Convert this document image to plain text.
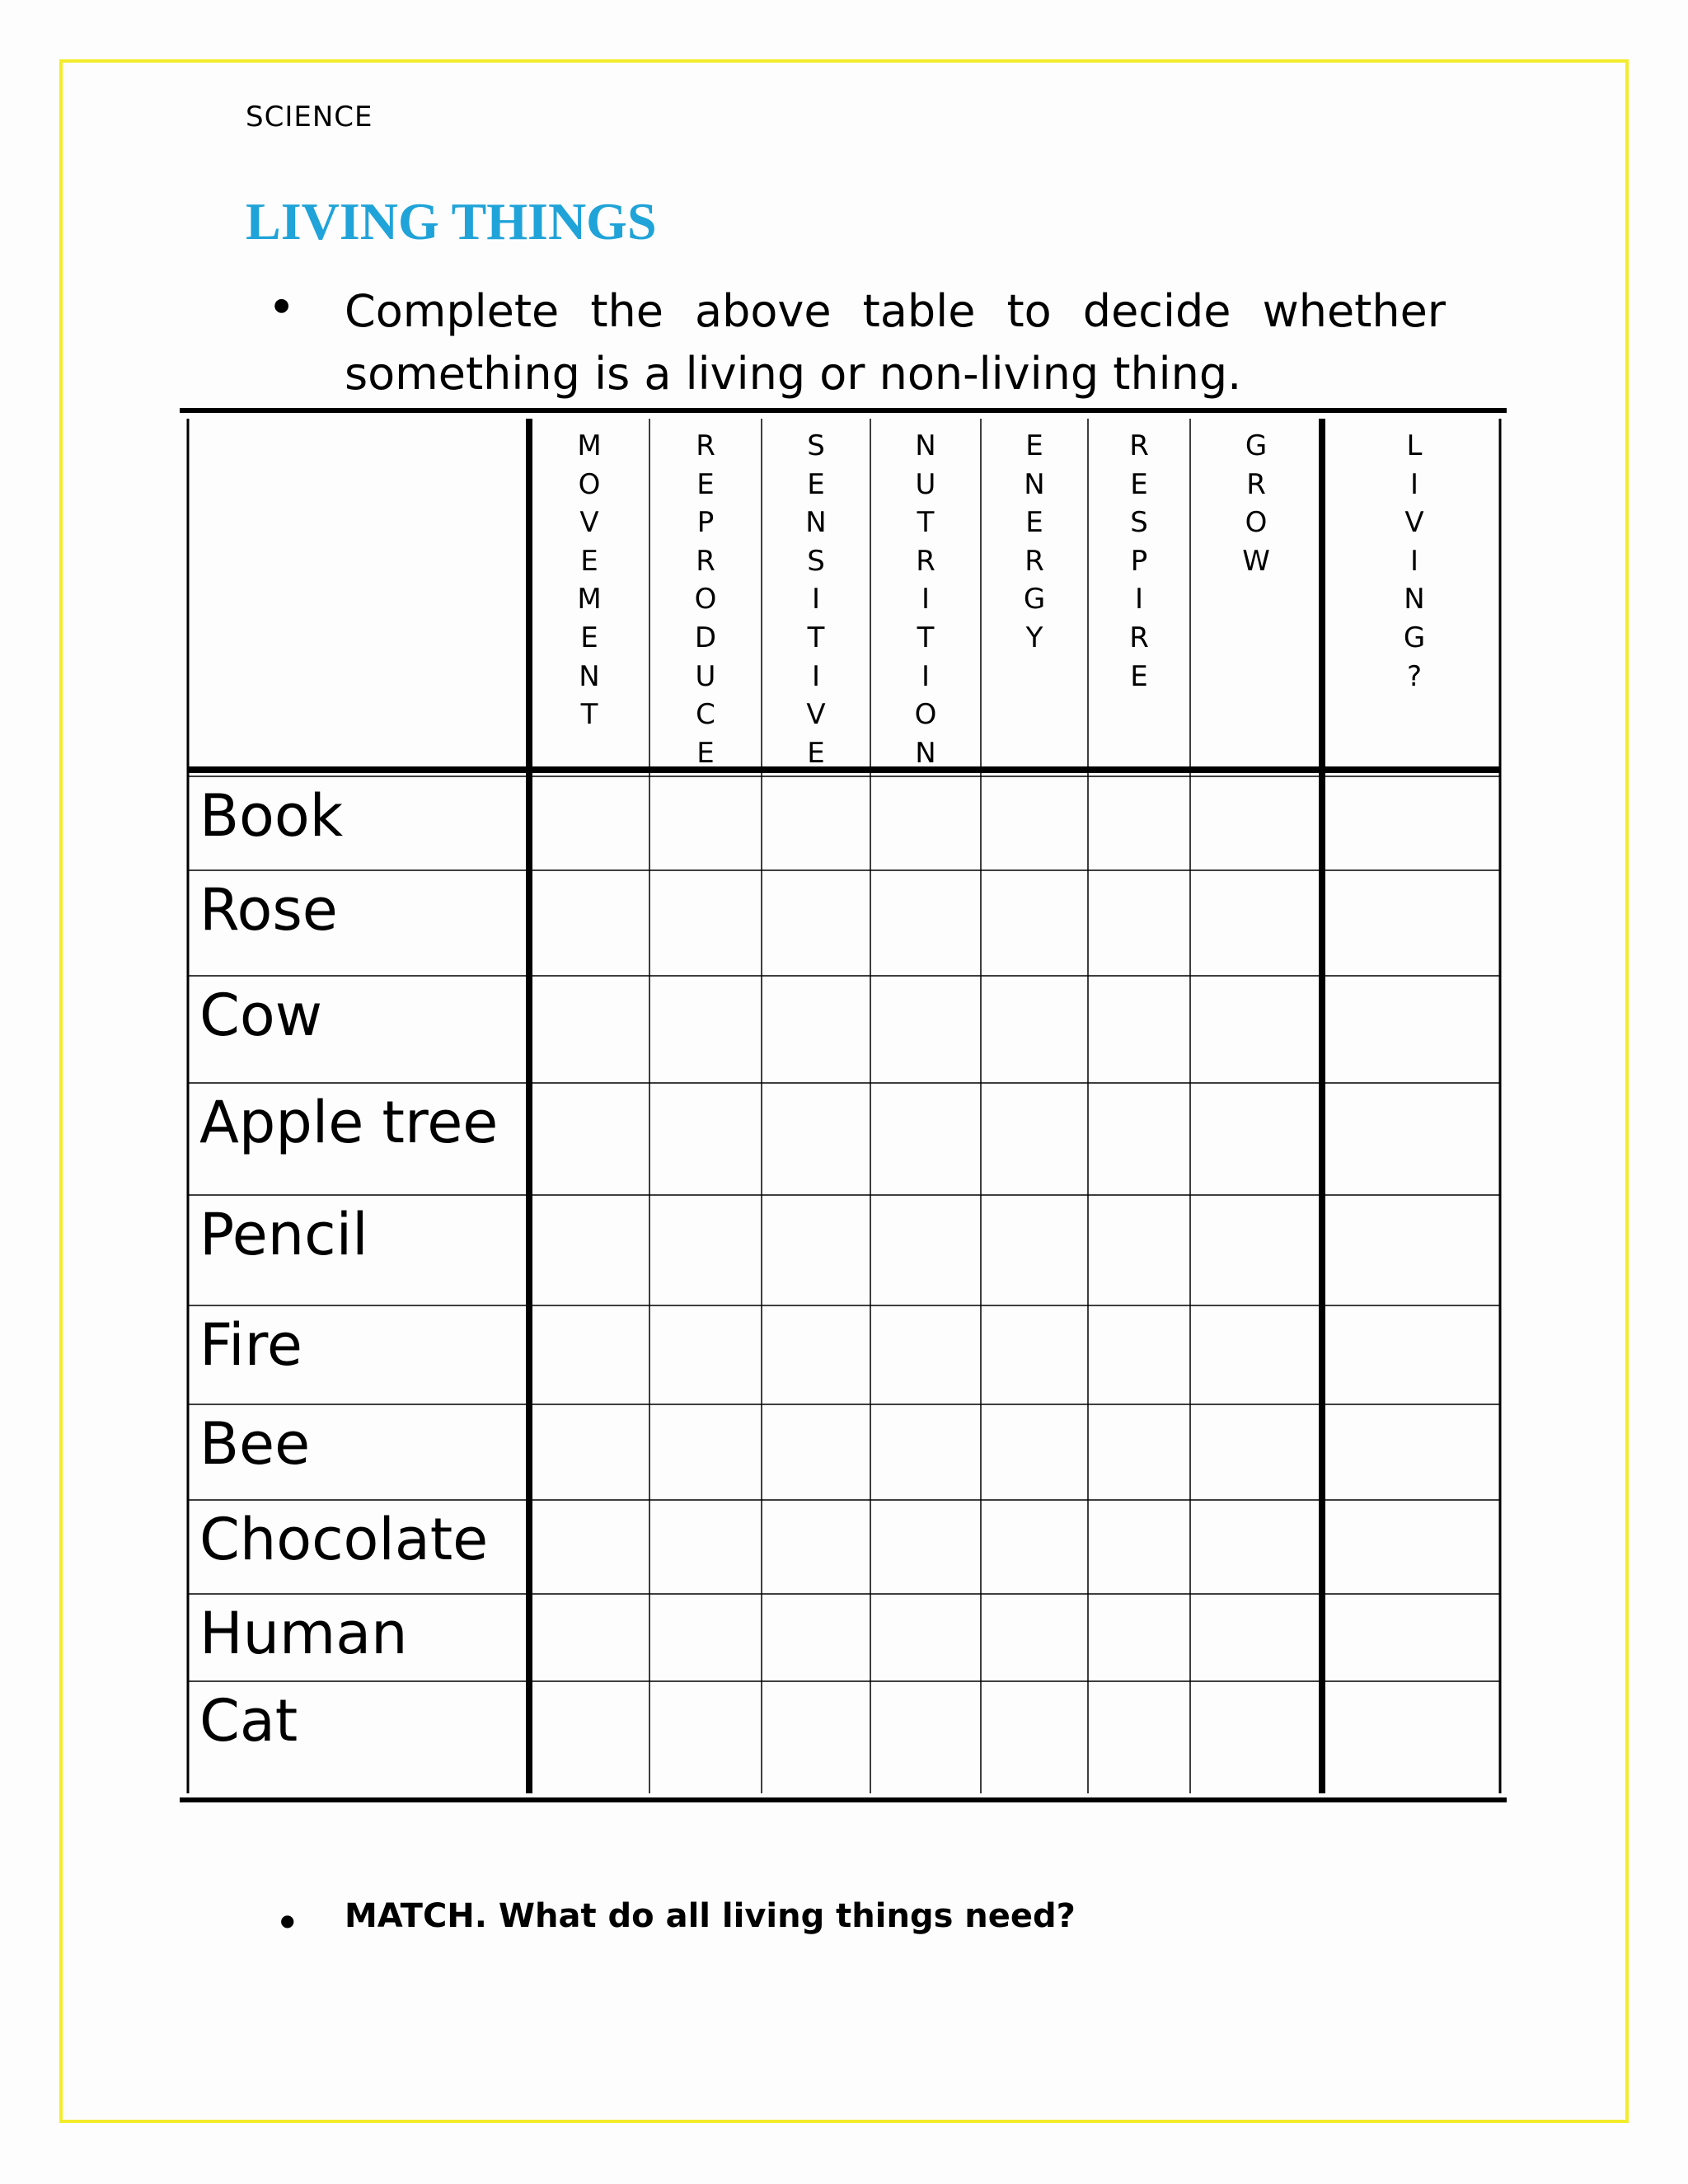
SCIENCE
LIVING THINGS
● Complete the above table to decide whether something is a living or non-living thing.
M
O
V
E
M
E
N
T
R
E
P
R
O
D
U
C
E
S
E
N
S
I
T
I
V
E
N
U
T
R
I
T
I
O
N
E
N
E
R
G
Y
R
E
S
P
I
R
E
G
R
O
W
L
I
V
I
N
G
?
Book
Rose
Cow
Apple tree
Pencil
Fire
Bee
Chocolate
Human
Cat
● MATCH. What do all living things need?
